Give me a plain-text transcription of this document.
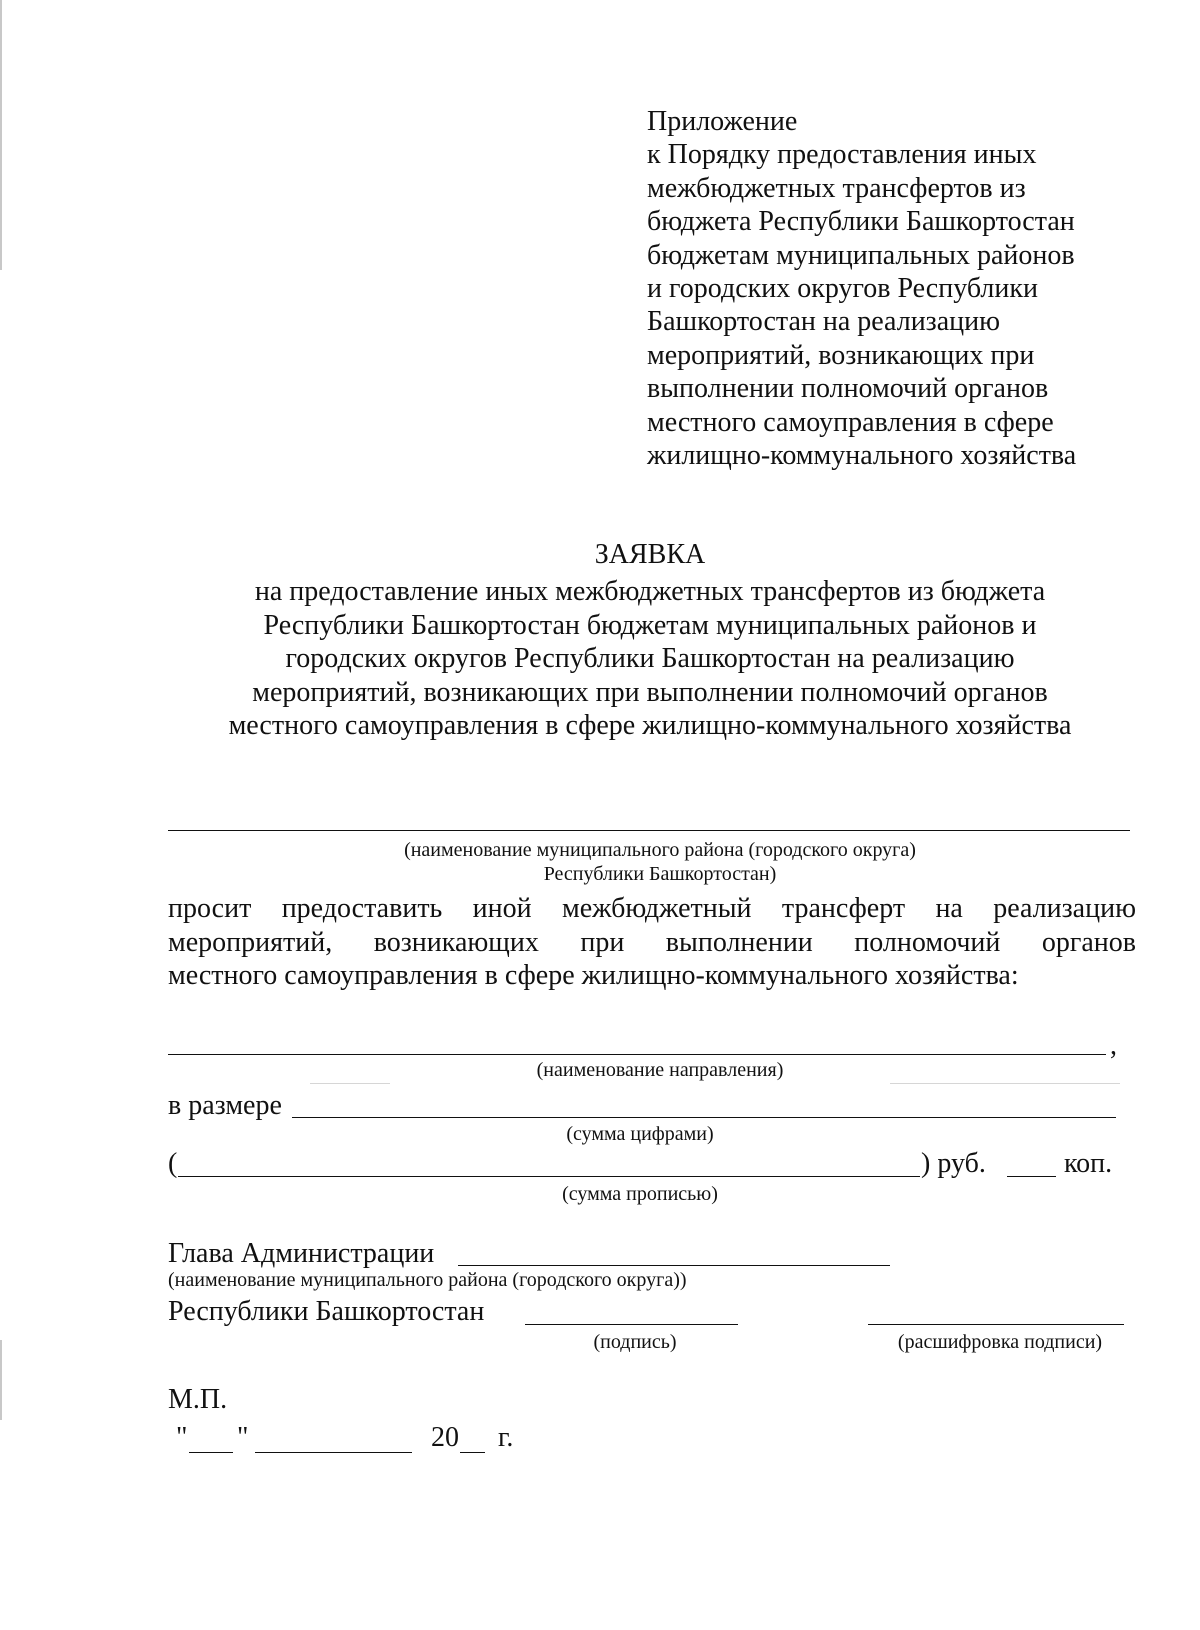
Приложение
к Порядку предоставления иных
межбюджетных трансфертов из
бюджета Республики Башкортостан
бюджетам муниципальных районов
и городских округов Республики
Башкортостан на реализацию
мероприятий, возникающих при
выполнении полномочий органов
местного самоуправления в сфере
жилищно-коммунального хозяйства
ЗАЯВКА
на предоставление иных межбюджетных трансфертов из бюджета
Республики Башкортостан бюджетам муниципальных районов и
городских округов Республики Башкортостан на реализацию
мероприятий, возникающих при выполнении полномочий органов
местного самоуправления в сфере жилищно-коммунального хозяйства
(наименование муниципального района (городского округа)
Республики Башкортостан)
просит предоставить иной межбюджетный трансферт на реализацию
мероприятий, возникающих при выполнении полномочий органов
местного самоуправления в сфере жилищно-коммунального хозяйства:
,
(наименование направления)
в размере
(сумма цифрами)
(	) руб.	коп.
(сумма прописью)
Глава Администрации
(наименование муниципального района (городского округа))
Республики Башкортостан
(подпись)	(расшифровка подписи)
М.П.
" "	20 г.
